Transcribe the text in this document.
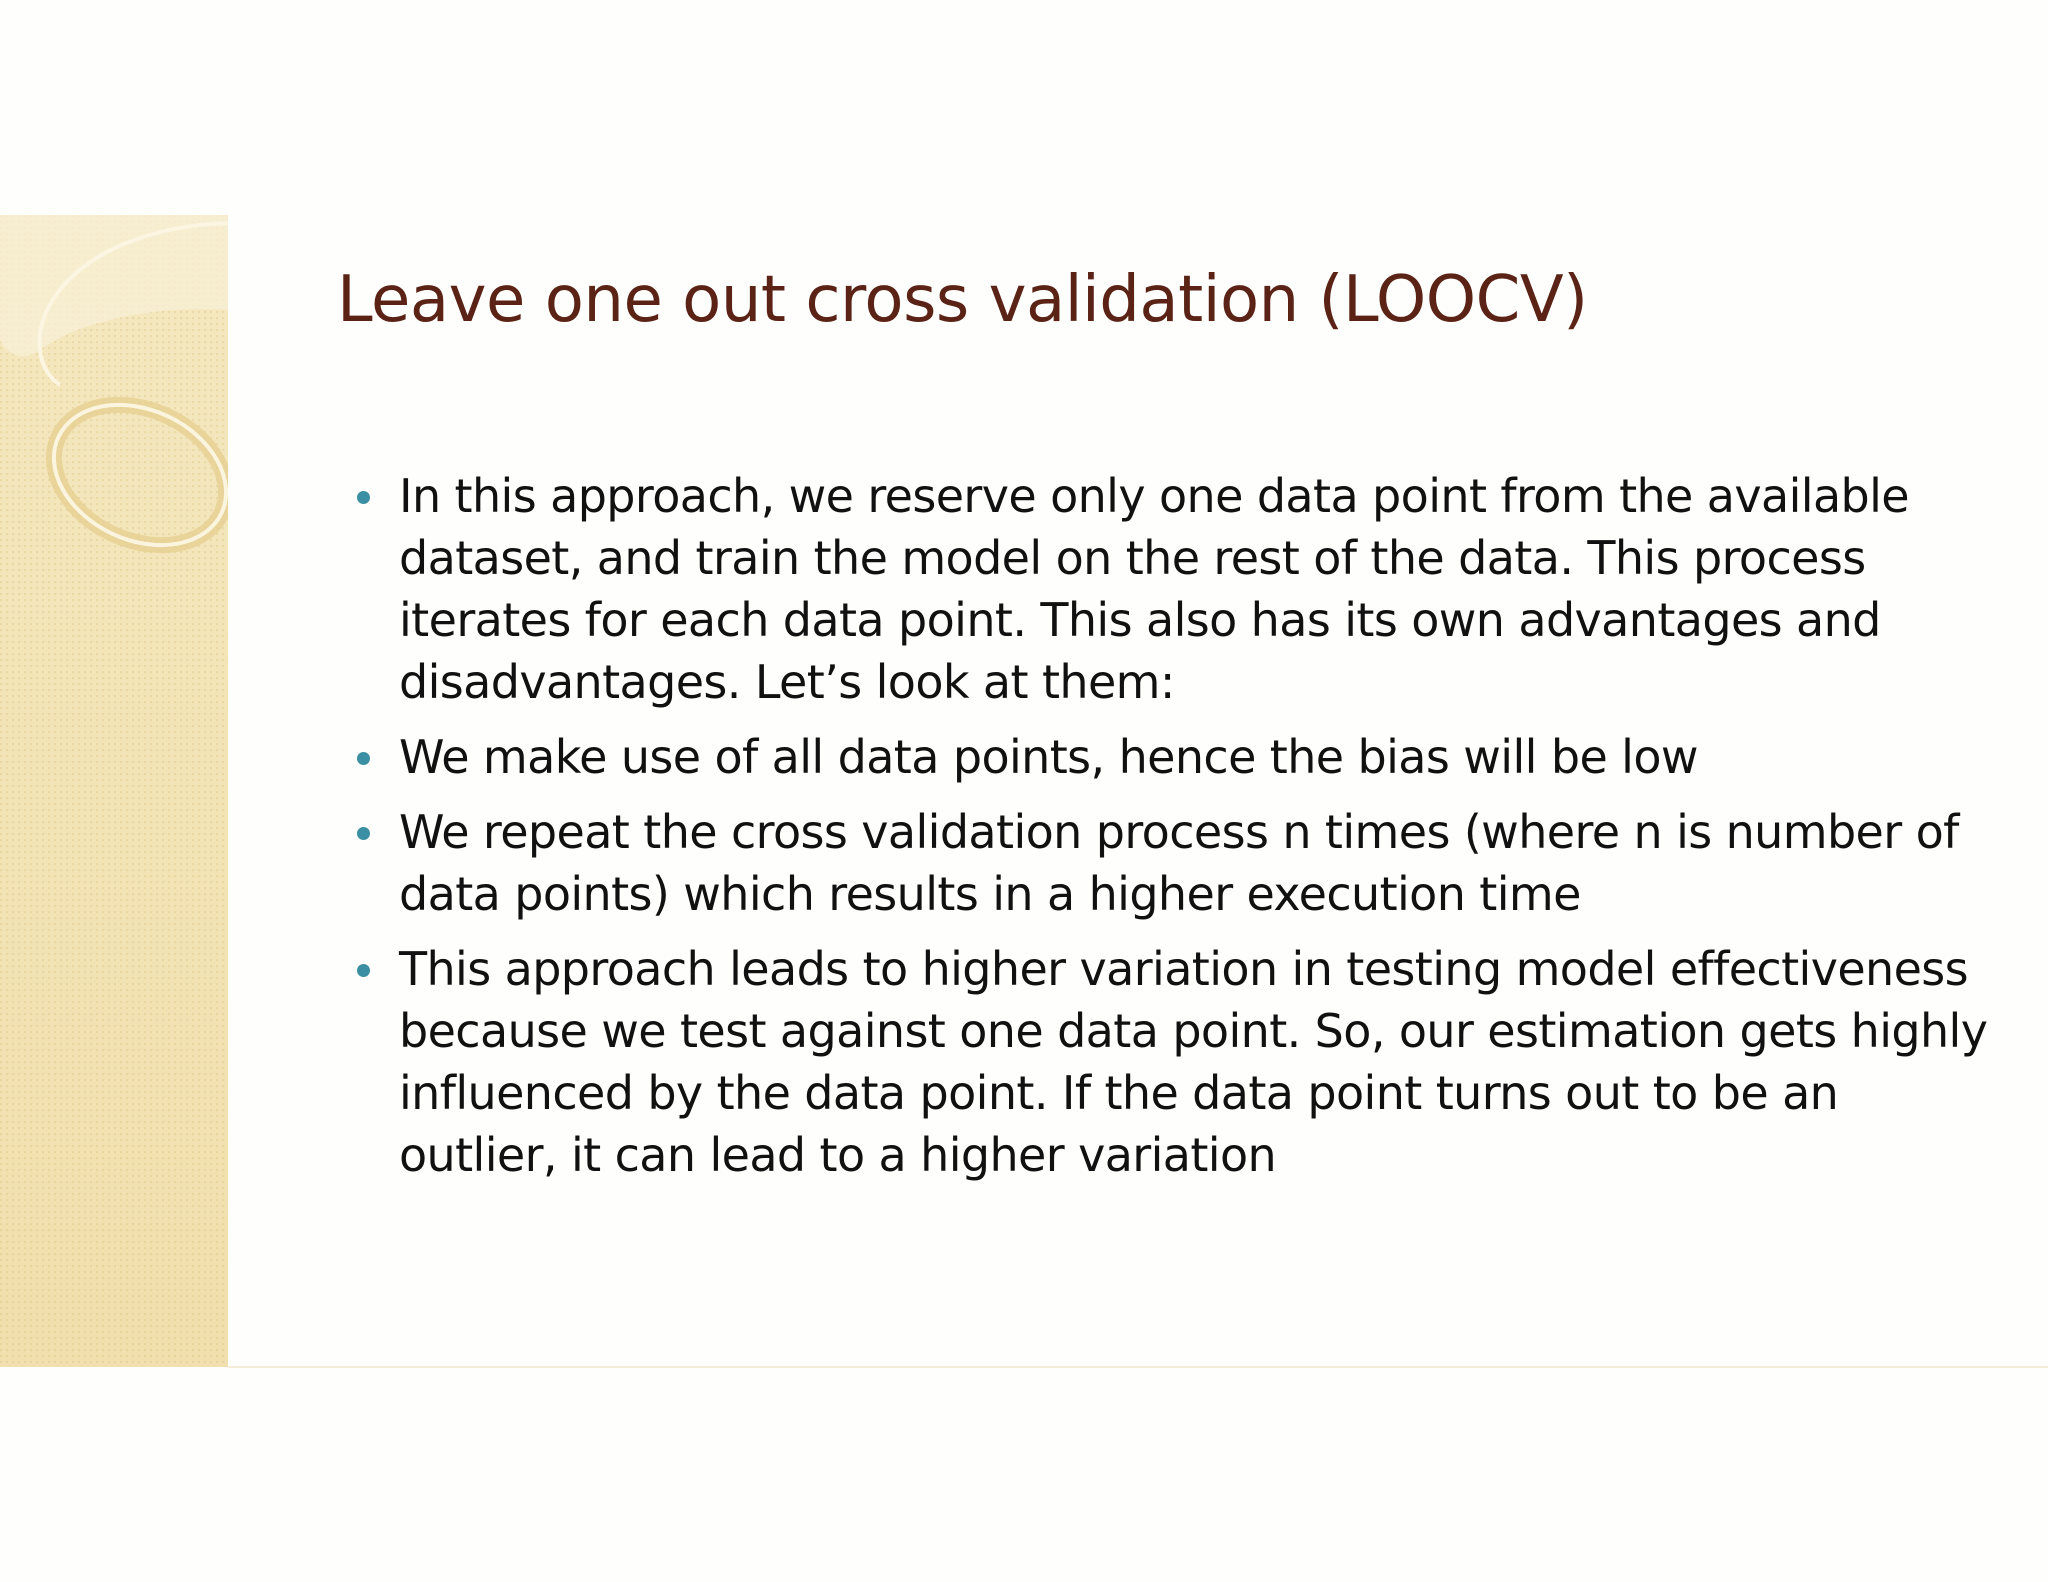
Leave one out cross validation (LOOCV)
In this approach, we reserve only one data point from the available dataset, and train the model on the rest of the data. This process iterates for each data point. This also has its own advantages and disadvantages. Let’s look at them:
We make use of all data points, hence the bias will be low
We repeat the cross validation process n times (where n is number of data points) which results in a higher execution time
This approach leads to higher variation in testing model effectiveness because we test against one data point. So, our estimation gets highly influenced by the data point. If the data point turns out to be an outlier, it can lead to a higher variation
